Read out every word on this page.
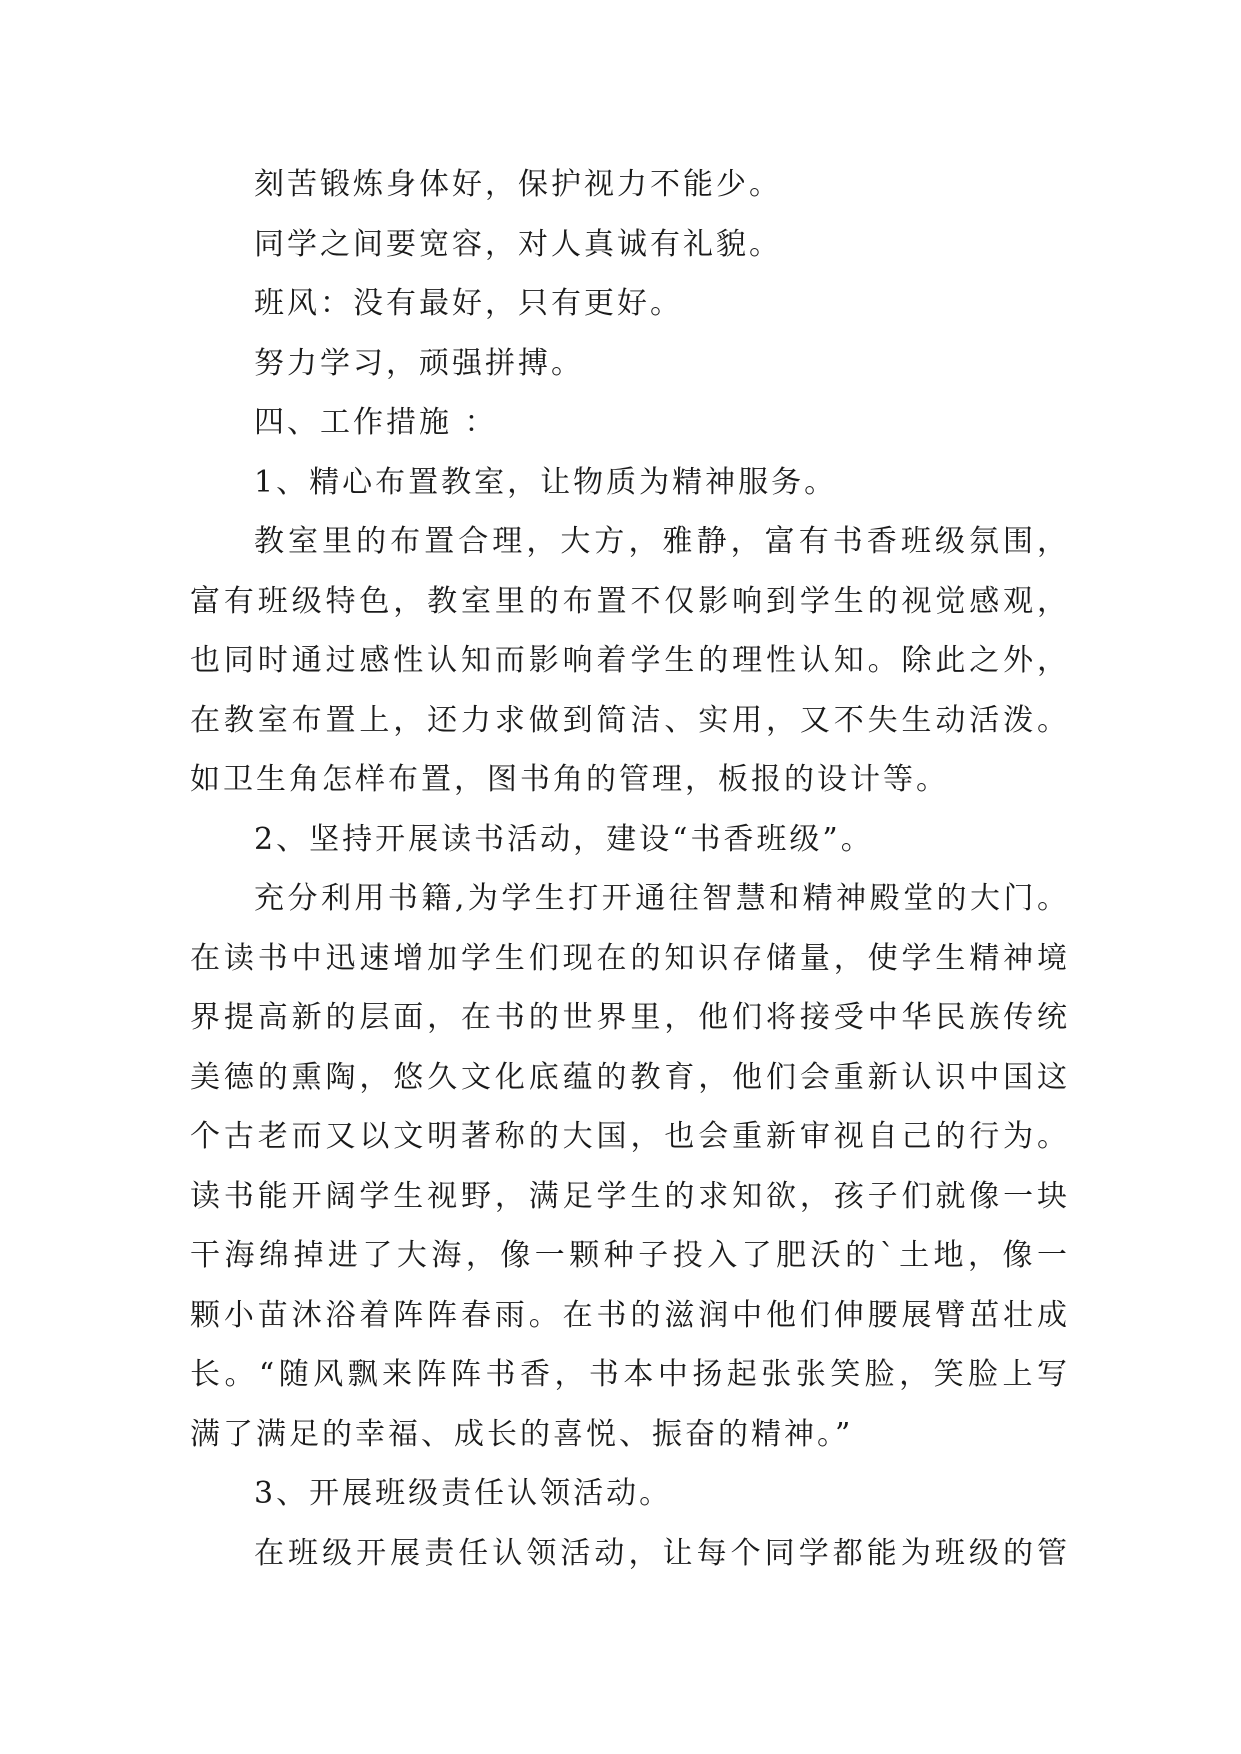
刻苦锻炼身体好，保护视力不能少。
同学之间要宽容，对人真诚有礼貌。
班风：没有最好，只有更好。
努力学习，顽强拼搏。
四、工作措施 ：
1、精心布置教室，让物质为精神服务。
教室里的布置合理，大方，雅静，富有书香班级氛围，
富有班级特色，教室里的布置不仅影响到学生的视觉感观，
也同时通过感性认知而影响着学生的理性认知。除此之外，
在教室布置上，还力求做到简洁、实用，又不失生动活泼。
如卫生角怎样布置，图书角的管理，板报的设计等。
2、坚持开展读书活动，建设“书香班级”。
充分利用书籍,为学生打开通往智慧和精神殿堂的大门。
在读书中迅速增加学生们现在的知识存储量，使学生精神境
界提高新的层面，在书的世界里，他们将接受中华民族传统
美德的熏陶，悠久文化底蕴的教育，他们会重新认识中国这
个古老而又以文明著称的大国，也会重新审视自己的行为。
读书能开阔学生视野，满足学生的求知欲，孩子们就像一块
干海绵掉进了大海，像一颗种子投入了肥沃的`土地，像一
颗小苗沐浴着阵阵春雨。在书的滋润中他们伸腰展臂茁壮成
长。“随风飘来阵阵书香，书本中扬起张张笑脸，笑脸上写
满了满足的幸福、成长的喜悦、振奋的精神。”
3、开展班级责任认领活动。
在班级开展责任认领活动，让每个同学都能为班级的管
